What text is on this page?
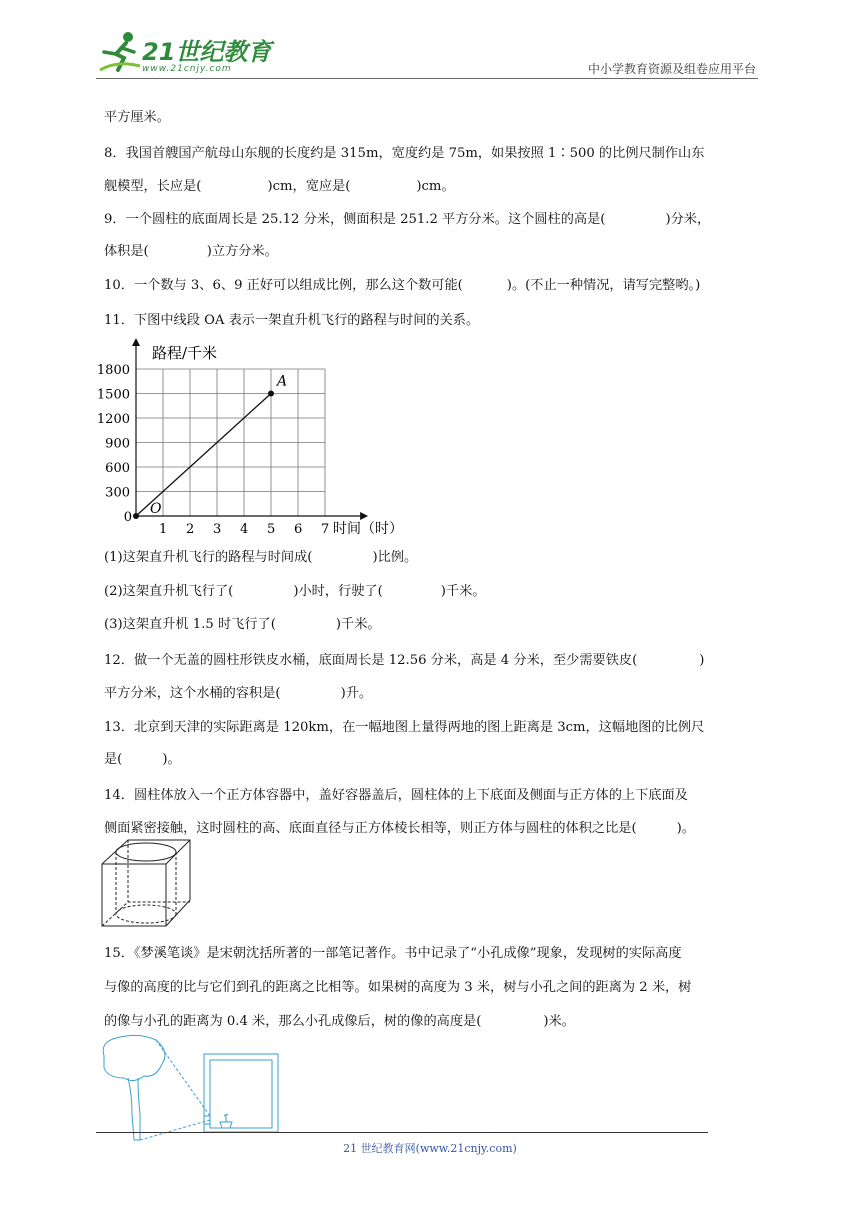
21世纪教育
www.21cnjy.com	中小学教育资源及组卷应用平台
平方厘米。
8．我国首艘国产航母山东舰的长度约是 315m，宽度约是 75m，如果按照 1∶500 的比例尺制作山东
舰模型，长应是(	)cm，宽应是(	)cm。
9．一个圆柱的底面周长是 25.12 分米，侧面积是 251.2 平方分米。这个圆柱的高是(	)分米，
体积是(	)立方分米。
10．一个数与 3、6、9 正好可以组成比例，那么这个数可能(	)。(不止一种情况，请写完整哟。)
11．下图中线段 OA 表示一架直升机飞行的路程与时间的关系。
路程/千米
时间（时）
1 2 3 4 5 6 7
300
600
900
1200
1500
1800
0
O
A
(1)这架直升机飞行的路程与时间成(	)比例。
(2)这架直升机飞行了(	)小时，行驶了(	)千米。
(3)这架直升机 1.5 时飞行了(	)千米。
12．做一个无盖的圆柱形铁皮水桶，底面周长是 12.56 分米，高是 4 分米，至少需要铁皮(	)
平方分米，这个水桶的容积是(	)升。
13．北京到天津的实际距离是 120km，在一幅地图上量得两地的图上距离是 3cm，这幅地图的比例尺
是(	)。
14．圆柱体放入一个正方体容器中，盖好容器盖后，圆柱体的上下底面及侧面与正方体的上下底面及
侧面紧密接触，这时圆柱的高、底面直径与正方体棱长相等，则正方体与圆柱的体积之比是(	)。
15．《梦溪笔谈》是宋朝沈括所著的一部笔记著作。书中记录了“小孔成像”现象，发现树的实际高度
与像的高度的比与它们到孔的距离之比相等。如果树的高度为 3 米，树与小孔之间的距离为 2 米，树
的像与小孔的距离为 0.4 米，那么小孔成像后，树的像的高度是(	)米。
21 世纪教育网(www.21cnjy.com)
